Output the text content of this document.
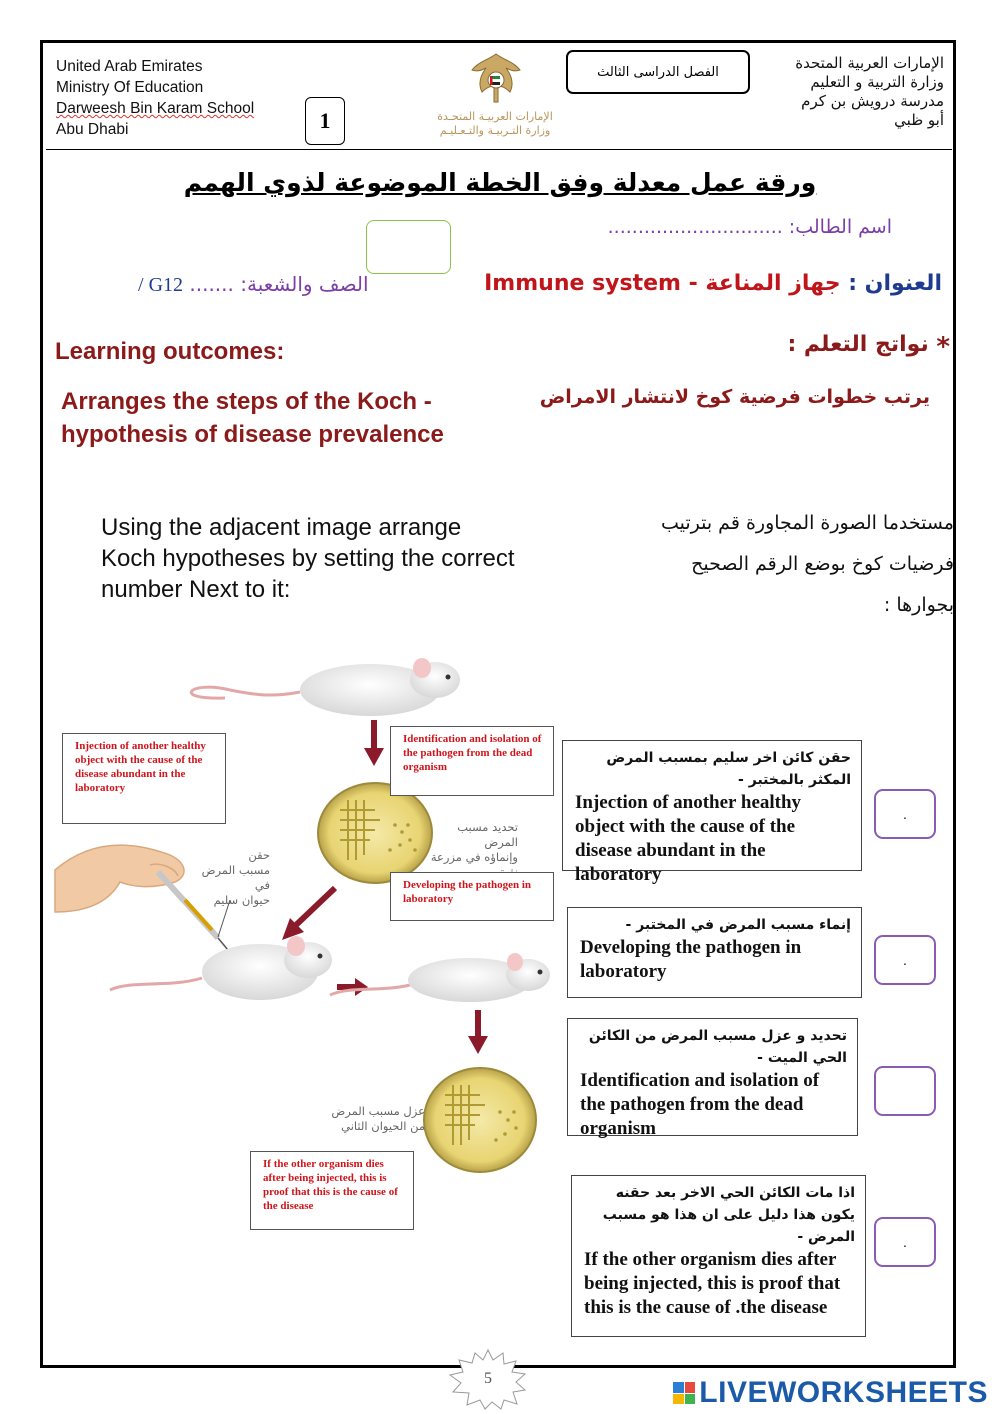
United Arab Emirates
Ministry Of Education
Darweesh Bin Karam School
Abu Dhabi	1	الإمارات العربيـة المتحـدة
وزارة التـربيـة والتـعـليـم
الفصل الدراسى الثالث	الإمارات العربية المتحدة
وزارة التربية و التعليم
مدرسة درويش بن كرم
أبو ظبي
ورقة عمل معدلة وفق الخطة الموضوعة لذوي الهمم
اسم الطالب: .............................
العنوان : جهاز المناعة - Immune system
الصف والشعبة: ....... G12 /
Learning outcomes:	* نواتج التعلم :
Arranges the steps of the Koch - hypothesis of disease prevalence
يرتب خطوات فرضية كوخ لانتشار الامراض
Using the adjacent image arrange Koch hypotheses by setting the correct number Next to it:
مستخدما الصورة المجاورة قم بترتيب
فرضيات كوخ بوضع الرقم الصحيح
بجوارها :
تحديد مسبب المرض
وإنماؤه في مزرعة
حقن
مسبب المرض في
حيوان سليم
عزل مسبب المرض
من الحيوان الثاني
Injection of another healthy object with the cause of the disease abundant in the laboratory
Identification and isolation of the pathogen from the dead organism
Developing the pathogen in laboratory
If the other organism dies after being injected, this is proof that this is the cause of the disease
حقن كائن اخر سليم بمسبب المرض المكثر بالمختبر -
Injection of another healthy object with the cause of the disease abundant in the laboratory
إنماء مسبب المرض في المختبر -
Developing the pathogen in laboratory
تحديد و عزل مسبب المرض من الكائن الحي الميت -
Identification and isolation of the pathogen from the dead organism
اذا مات الكائن الحي الاخر بعد حقنه يكون هذا دليل على ان هذا هو مسبب المرض -
If the other organism dies after being injected, this is proof that this is the cause of .the disease
.
.
.
5	LIVEWORKSHEETS
